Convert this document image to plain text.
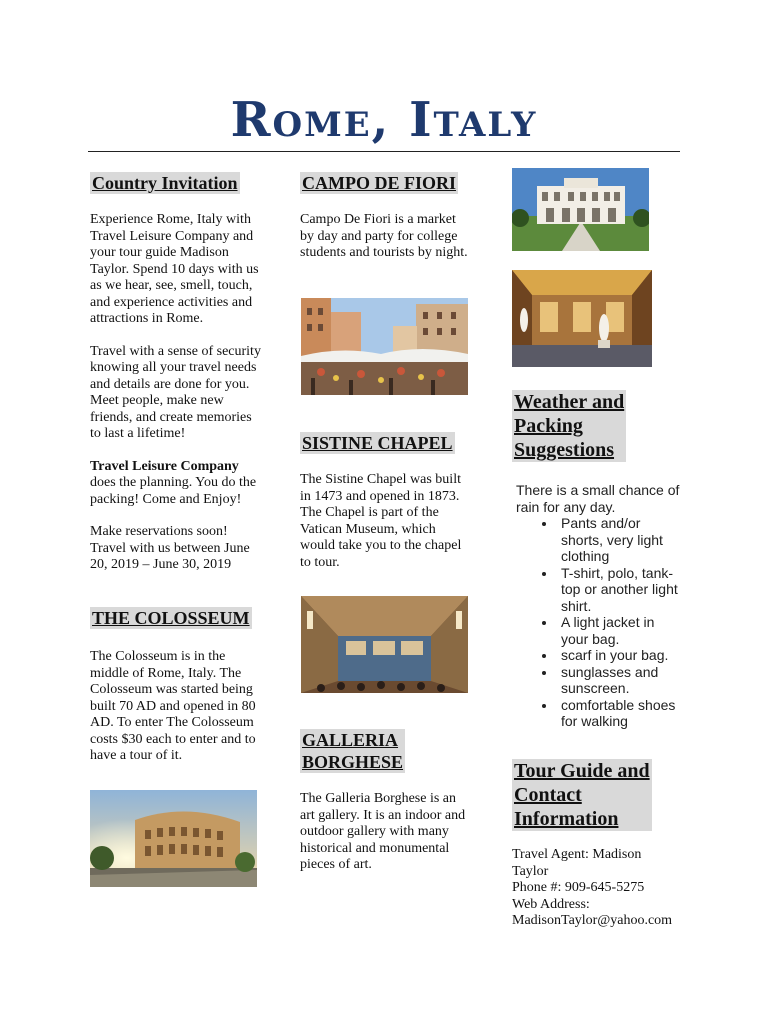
Rome, Italy
Country Invitation

Experience Rome, Italy with Travel Leisure Company and your tour guide Madison Taylor. Spend 10 days with us as we hear, see, smell, touch, and experience activities and attractions in Rome.

Travel with a sense of security knowing all your travel needs and details are done for you. Meet people, make new friends, and create memories to last a lifetime!

Travel Leisure Company does the planning. You do the packing! Come and Enjoy!

Make reservations soon! Travel with us between June 20, 2019 – June 30, 2019

THE COLOSSEUM

The Colosseum is in the middle of Rome, Italy. The Colosseum was started being built 70 AD and opened in 80 AD. To enter The Colosseum costs $30 each to enter and to have a tour of it.

CAMPO DE FIORI

Campo De Fiori is a market by day and party for college students and tourists by night.

SISTINE CHAPEL

The Sistine Chapel was built in 1473 and opened in 1873. The Chapel is part of the Vatican Museum, which would take you to the chapel to tour.

GALLERIA
BORGHESE

The Galleria Borghese is an art gallery. It is an indoor and outdoor gallery with many historical and monumental pieces of art.

Weather and
Packing
Suggestions

There is a small chance of rain for any day.

• Pants and/or shorts, very light clothing
• T-shirt, polo, tank-top or another light shirt.
• A light jacket in your bag.
• scarf in your bag.
• sunglasses and sunscreen.
• comfortable shoes for walking
Tour Guide and
Contact
Information

Travel Agent: Madison Taylor

Phone #: 909-645-5275

Web Address:

MadisonTaylor@yahoo.com
